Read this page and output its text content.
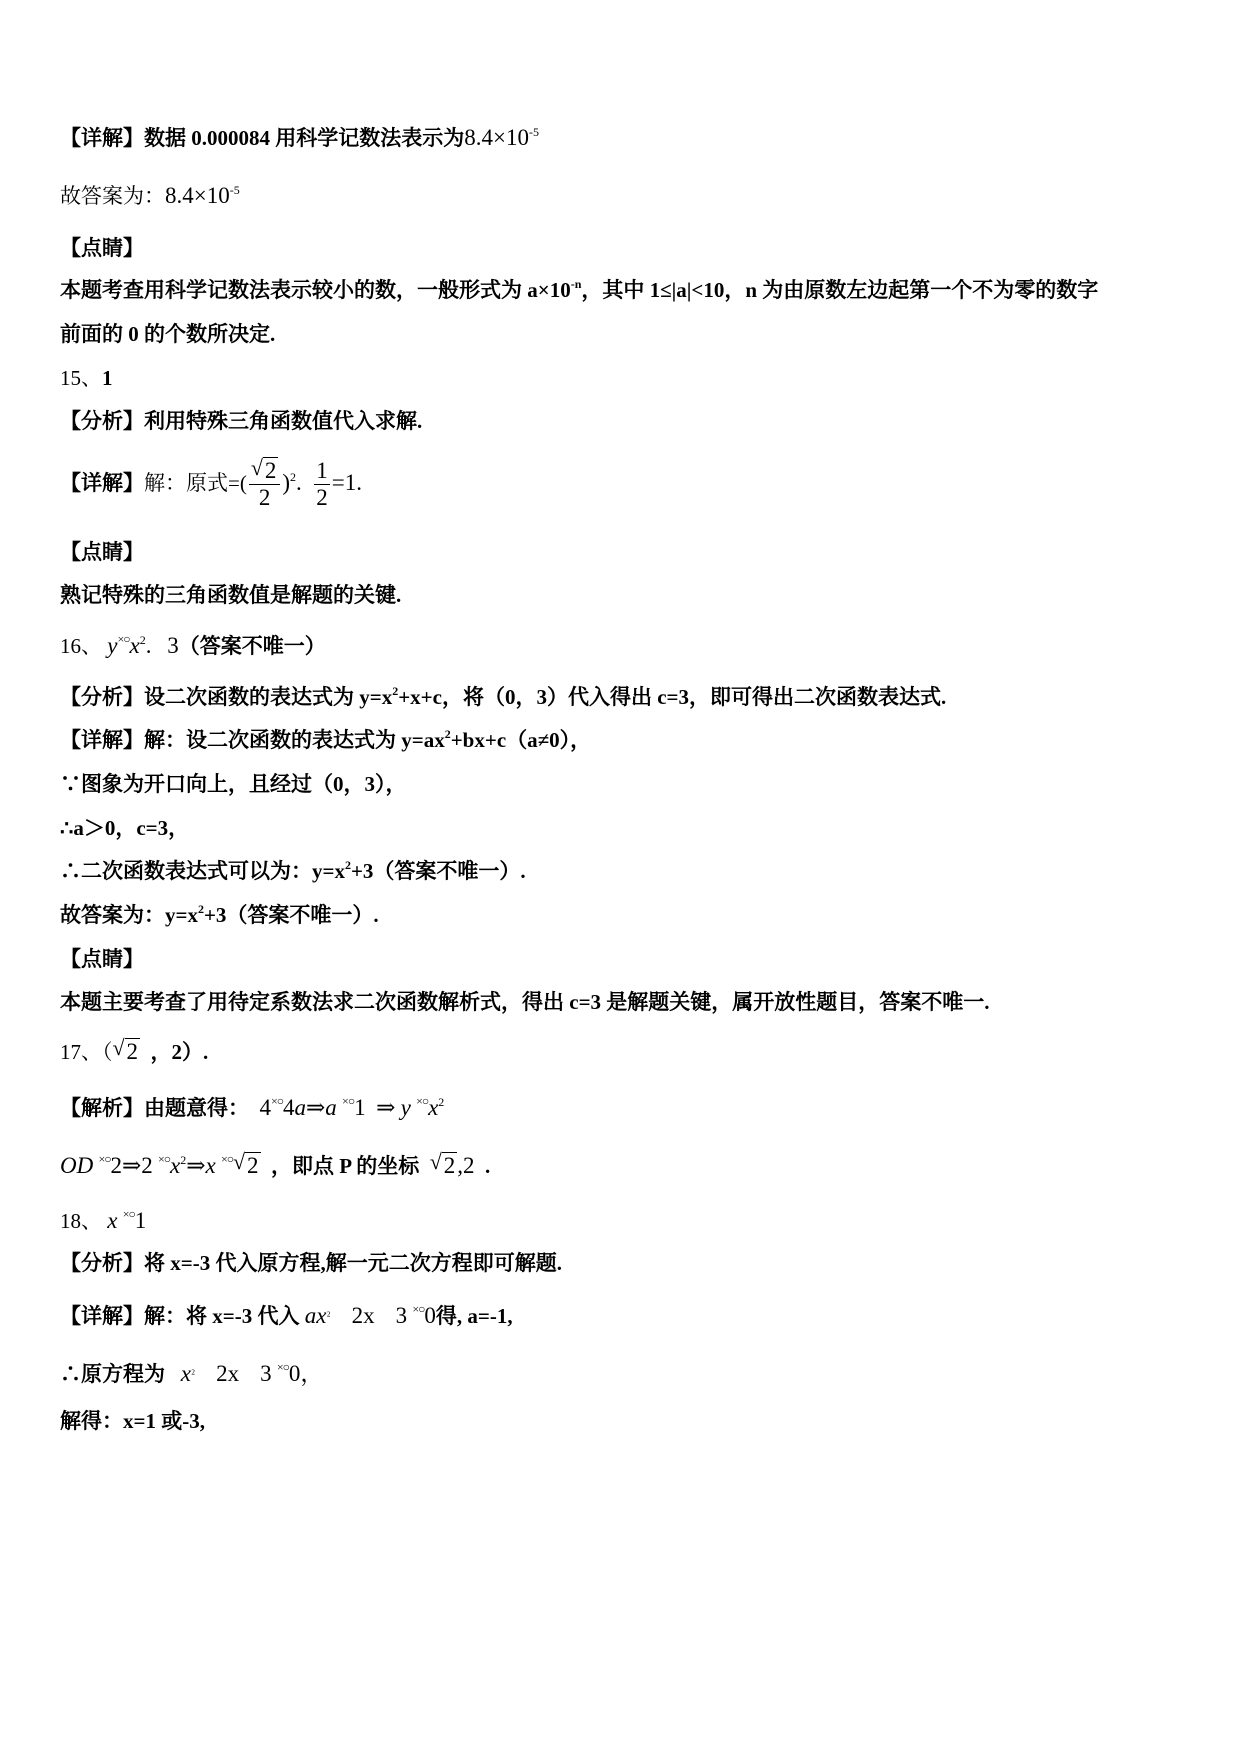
【详解】数据 0.000084 用科学记数法表示为$8.4\times 10^{-5}$
故答案为：$8.4\times 10^{-5}$
【点睛】
本题考查用科学记数法表示较小的数，一般形式为 $a\times 10^{-n}$，其中 1≤|a|<10，n 为由原数左边起第一个不为零的数字
前面的 0 的个数所决定.
15、1
【分析】利用特殊三角函数值代入求解.
【详解】解：原式=( $\frac{√ 2}{2} )^2$. $\frac{1}{2} =1$.
【点睛】
熟记特殊的三角函数值是解题的关键.
16、 $y^{\times○}x^2$. 3（答案不唯一）
【分析】设二次函数的表达式为 $y=x^2+x+c$，将（0，3）代入得出 c=3，即可得出二次函数表达式.
【详解】解：设二次函数的表达式为 $y=ax^2+bx+c(a\ne 0)$，
∵图象为开口向上，且经过（0，3），
∴a＞0，c=3，
∴二次函数表达式可以为：$y=x^2+3$（答案不唯一）.
故答案为：$y=x^2+3$（答案不唯一）.
【点睛】
本题主要考查了用待定系数法求二次函数解析式，得出 c=3 是解题关键，属开放性题目，答案不唯一.
17、（ √ 2 ，2）.
【解析】由题意得： 4×○4a⇒a ×○1 ⇒ y $^{\times○}x^2$
OD ×○2⇒2 $^{\times○}x^2\Rightarrow x$ ×○ √ 2 ，即点 P 的坐标 √ 2,2 .
18、 x ×○1
【分析】将 x=-3 代入原方程,解一元二次方程即可解题.
【详解】解：将 x=-3 代入 $ax^{_2}$ 2x 3 ×○0得, a=-1,
∴原方程为 $x^{_2}$ 2x 3 ×○0，
解得：x=1 或-3,
